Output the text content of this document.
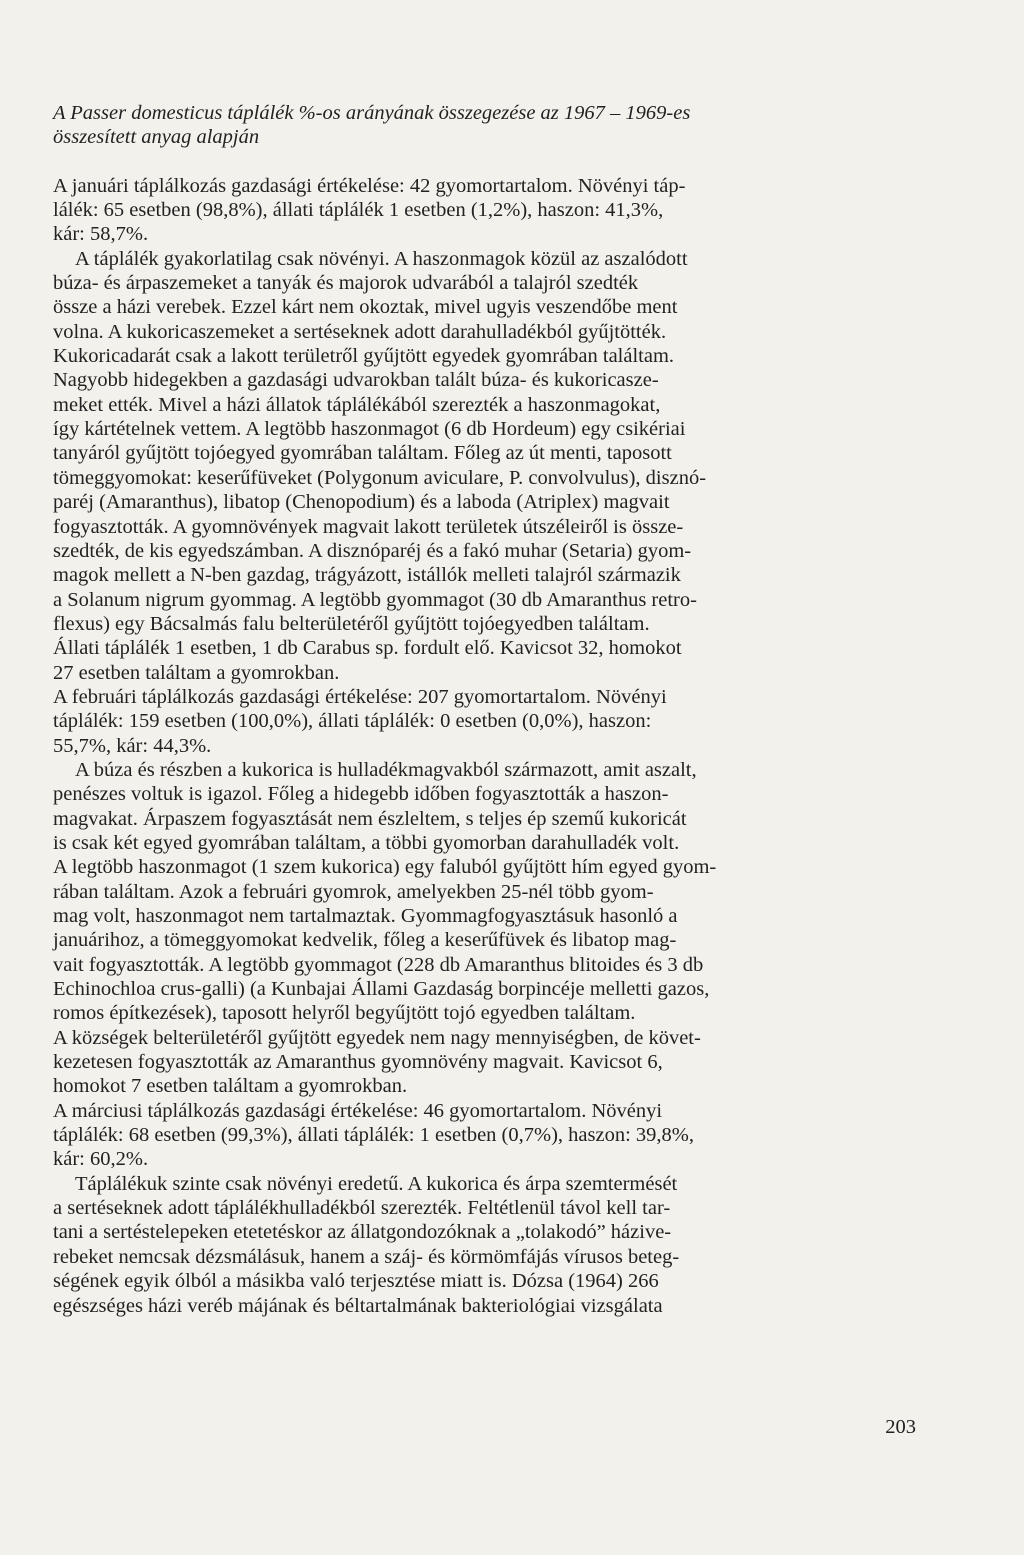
A Passer domesticus táplálék %-os arányának összegezése az 1967 – 1969-es
összesített anyag alapján
A januári táplálkozás gazdasági értékelése: 42 gyomortartalom. Növényi táp-
lálék: 65 esetben (98,8%), állati táplálék 1 esetben (1,2%), haszon: 41,3%,
kár: 58,7%.
A táplálék gyakorlatilag csak növényi. A haszonmagok közül az aszalódott
búza- és árpaszemeket a tanyák és majorok udvarából a talajról szedték
össze a házi verebek. Ezzel kárt nem okoztak, mivel ugyis veszendőbe ment
volna. A kukoricaszemeket a sertéseknek adott darahulladékból gyűjtötték.
Kukoricadarát csak a lakott területről gyűjtött egyedek gyomrában találtam.
Nagyobb hidegekben a gazdasági udvarokban talált búza- és kukoricasze-
meket ették. Mivel a házi állatok táplálékából szerezték a haszonmagokat,
így kártételnek vettem. A legtöbb haszonmagot (6 db Hordeum) egy csikériai
tanyáról gyűjtött tojóegyed gyomrában találtam. Főleg az út menti, taposott
tömeggyomokat: keserűfüveket (Polygonum aviculare, P. convolvulus), disznó-
paréj (Amaranthus), libatop (Chenopodium) és a laboda (Atriplex) magvait
fogyasztották. A gyomnövények magvait lakott területek útszéleiről is össze-
szedték, de kis egyedszámban. A disznóparéj és a fakó muhar (Setaria) gyom-
magok mellett a N-ben gazdag, trágyázott, istállók melleti talajról származik
a Solanum nigrum gyommag. A legtöbb gyommagot (30 db Amaranthus retro-
flexus) egy Bácsalmás falu belterületéről gyűjtött tojóegyedben találtam.
Állati táplálék 1 esetben, 1 db Carabus sp. fordult elő. Kavicsot 32, homokot
27 esetben találtam a gyomrokban.
A februári táplálkozás gazdasági értékelése: 207 gyomortartalom. Növényi
táplálék: 159 esetben (100,0%), állati táplálék: 0 esetben (0,0%), haszon:
55,7%, kár: 44,3%.
A búza és részben a kukorica is hulladékmagvakból származott, amit aszalt,
penészes voltuk is igazol. Főleg a hidegebb időben fogyasztották a haszon-
magvakat. Árpaszem fogyasztását nem észleltem, s teljes ép szemű kukoricát
is csak két egyed gyomrában találtam, a többi gyomorban darahulladék volt.
A legtöbb haszonmagot (1 szem kukorica) egy faluból gyűjtött hím egyed gyom-
rában találtam. Azok a februári gyomrok, amelyekben 25-nél több gyom-
mag volt, haszonmagot nem tartalmaztak. Gyommagfogyasztásuk hasonló a
januárihoz, a tömeggyomokat kedvelik, főleg a keserűfüvek és libatop mag-
vait fogyasztották. A legtöbb gyommagot (228 db Amaranthus blitoides és 3 db
Echinochloa crus-galli) (a Kunbajai Állami Gazdaság borpincéje melletti gazos,
romos építkezések), taposott helyről begyűjtött tojó egyedben találtam.
A községek belterületéről gyűjtött egyedek nem nagy mennyiségben, de követ-
kezetesen fogyasztották az Amaranthus gyomnövény magvait. Kavicsot 6,
homokot 7 esetben találtam a gyomrokban.
A márciusi táplálkozás gazdasági értékelése: 46 gyomortartalom. Növényi
táplálék: 68 esetben (99,3%), állati táplálék: 1 esetben (0,7%), haszon: 39,8%,
kár: 60,2%.
Táplálékuk szinte csak növényi eredetű. A kukorica és árpa szemtermését
a sertéseknek adott táplálékhulladékból szerezték. Feltétlenül távol kell tar-
tani a sertéstelepeken etetetéskor az állatgondozóknak a „tolakodó” házive-
rebeket nemcsak dézsmálásuk, hanem a száj- és körmömfájás vírusos beteg-
ségének egyik ólból a másikba való terjesztése miatt is. Dózsa (1964) 266
egészséges házi veréb májának és béltartalmának bakteriológiai vizsgálata
203
